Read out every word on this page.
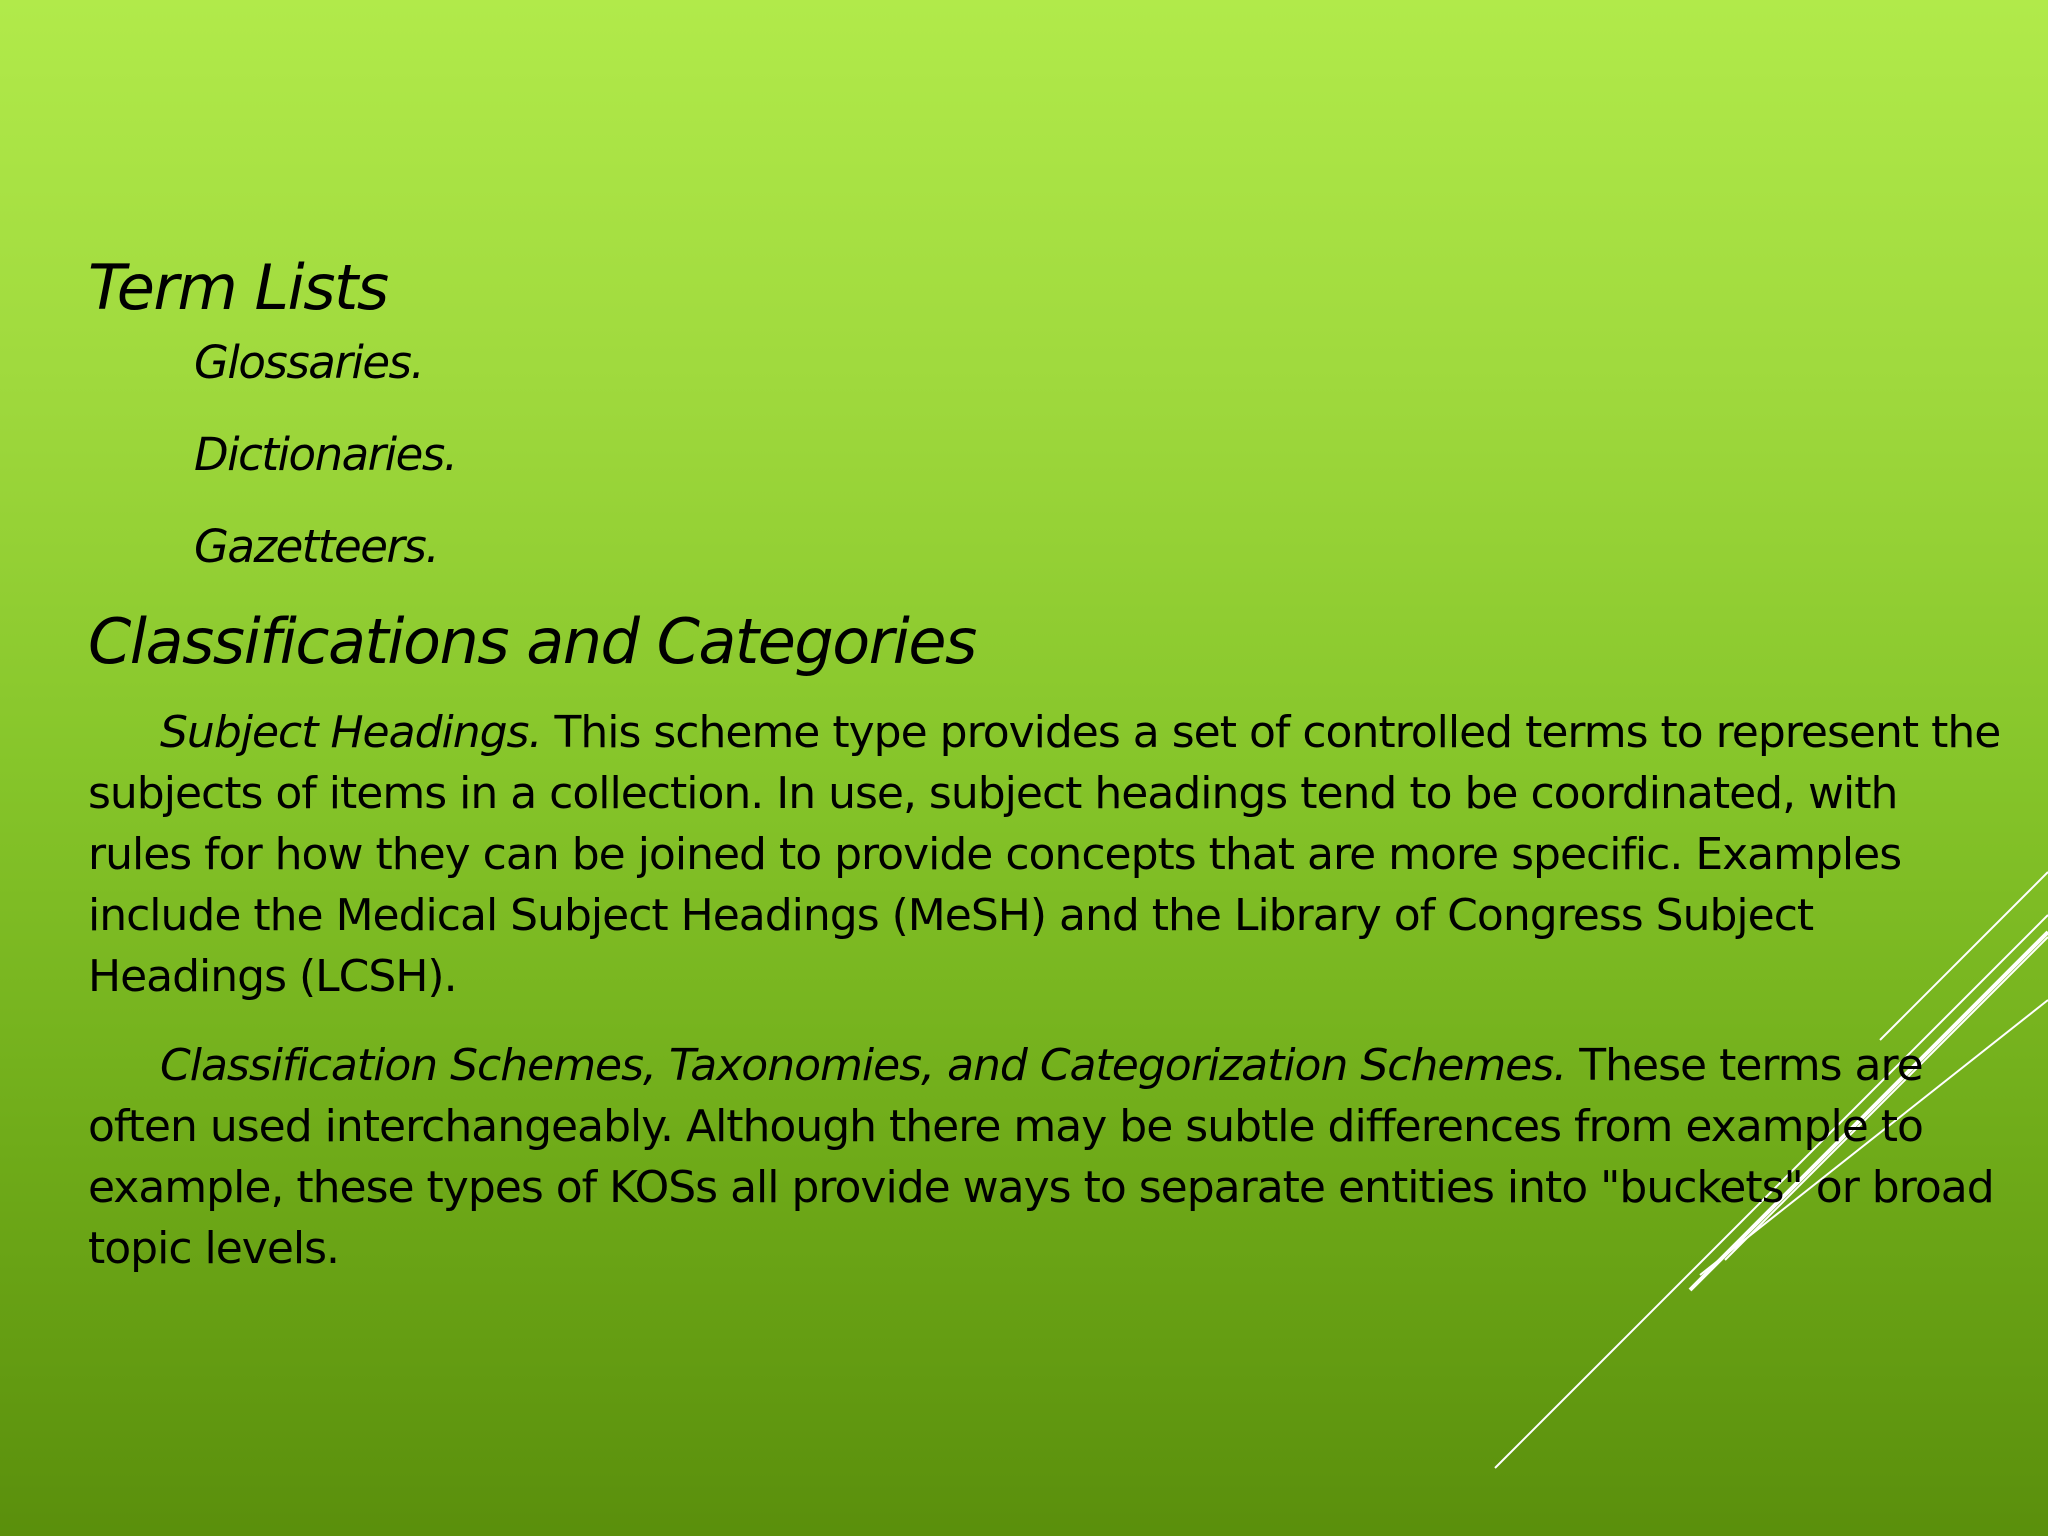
Term Lists

Glossaries.

Dictionaries.

Gazetteers.

Classifications and Categories

Subject Headings. This scheme type provides a set of controlled terms to represent the subjects of items in a collection. In use, subject headings tend to be coordinated, with rules for how they can be joined to provide concepts that are more specific. Examples include the Medical Subject Headings (MeSH) and the Library of Congress Subject Headings (LCSH).

Classification Schemes, Taxonomies, and Categorization Schemes. These terms are often used interchangeably. Although there may be subtle differences from example to example, these types of KOSs all provide ways to separate entities into "buckets" or broad topic levels.
